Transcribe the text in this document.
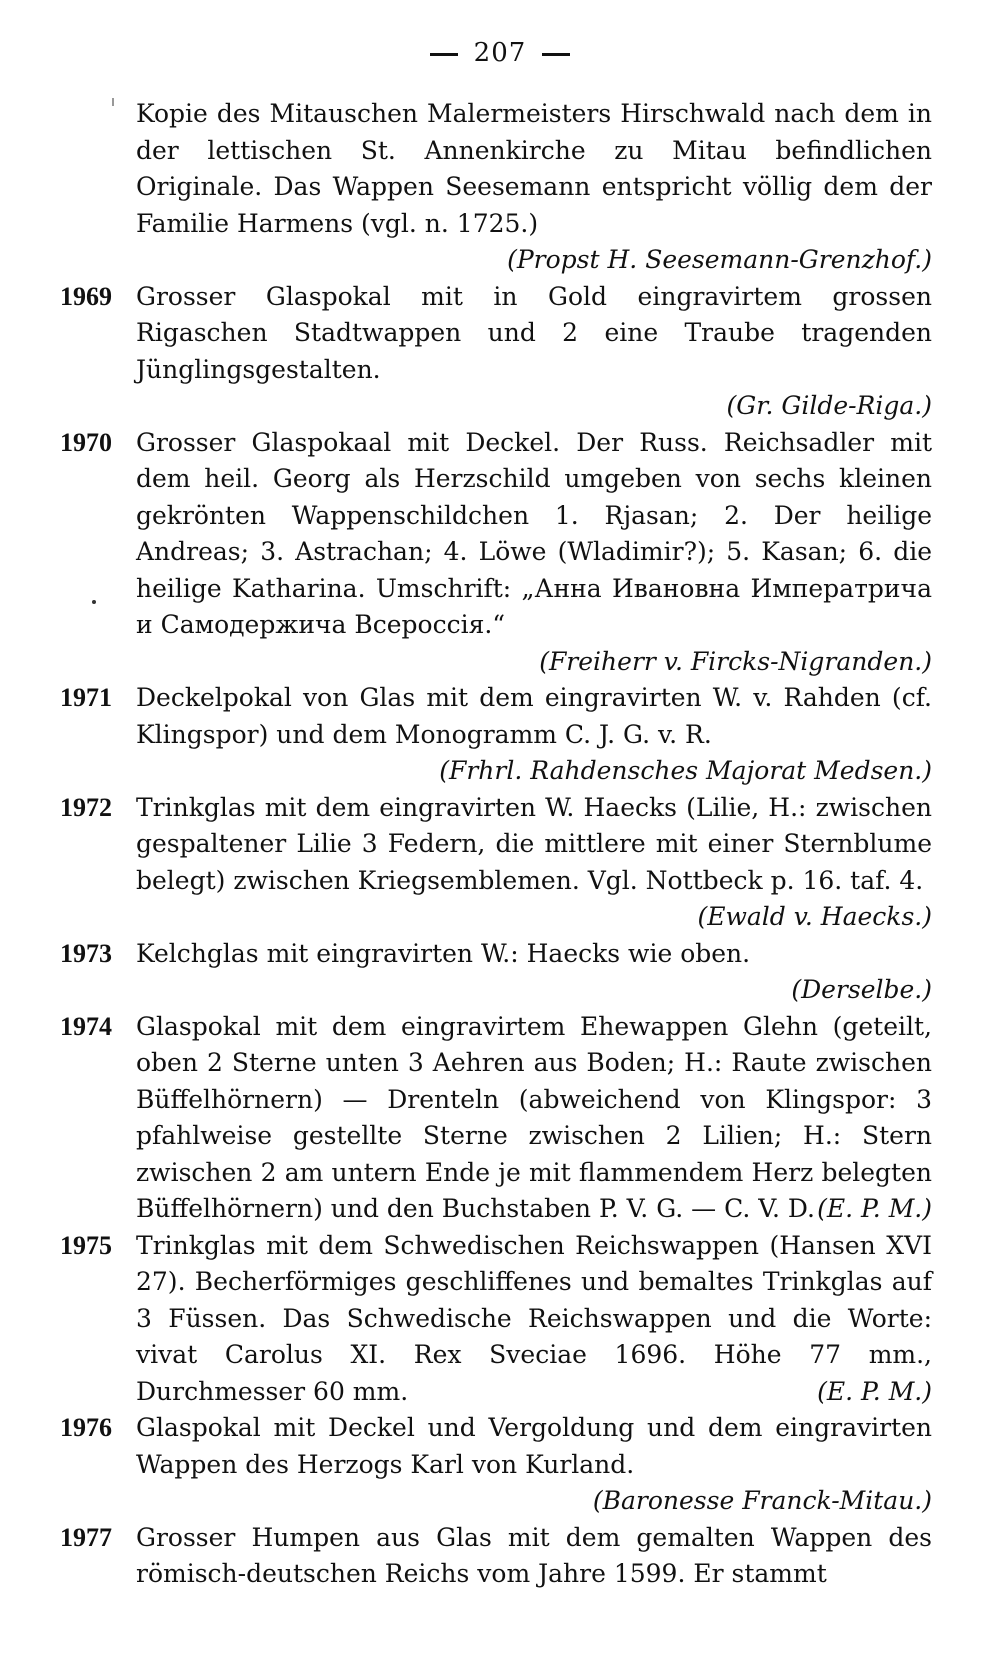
207
Kopie des Mitauschen Malermeisters Hirschwald nach dem in der lettischen St. Annenkirche zu Mitau befindlichen Originale. Das Wappen Seesemann entspricht völlig dem der Familie Harmens (vgl. n. 1725.)
(Propst H. Seesemann-Grenzhof.)
1969 Grosser Glaspokal mit in Gold eingravirtem grossen Rigaschen Stadtwappen und 2 eine Traube tragenden Jünglingsgestalten.
(Gr. Gilde-Riga.)
1970 Grosser Glaspokaal mit Deckel. Der Russ. Reichsadler mit dem heil. Georg als Herzschild umgeben von sechs kleinen gekrönten Wappenschildchen 1. Rjasan; 2. Der heilige Andreas; 3. Astrachan; 4. Löwe (Wladimir?); 5. Kasan; 6. die heilige Katharina. Umschrift: „Анна Ивановна Императрича и Самодержича Всероссія.“
(Freiherr v. Fircks-Nigranden.)
1971 Deckelpokal von Glas mit dem eingravirten W. v. Rahden (cf. Klingspor) und dem Monogramm C. J. G. v. R.
(Frhrl. Rahdensches Majorat Medsen.)
1972 Trinkglas mit dem eingravirten W. Haecks (Lilie, H.: zwischen gespaltener Lilie 3 Federn, die mittlere mit einer Sternblume belegt) zwischen Kriegsemblemen. Vgl. Nottbeck p. 16. taf. 4.
(Ewald v. Haecks.)
1973 Kelchglas mit eingravirten W.: Haecks wie oben.
(Derselbe.)
1974 Glaspokal mit dem eingravirtem Ehewappen Glehn (geteilt, oben 2 Sterne unten 3 Aehren aus Boden; H.: Raute zwischen Büffelhörnern) — Drenteln (abweichend von Klingspor: 3 pfahlweise gestellte Sterne zwischen 2 Lilien; H.: Stern zwischen 2 am untern Ende je mit flammendem Herz belegten Büffelhörnern) und den Buchstaben P. V. G. — C. V. D. (E. P. M.)
1975 Trinkglas mit dem Schwedischen Reichswappen (Hansen XVI 27). Becherförmiges geschliffenes und bemaltes Trinkglas auf 3 Füssen. Das Schwedische Reichswappen und die Worte: vivat Carolus XI. Rex Sveciae 1696. Höhe 77 mm., Durchmesser 60 mm.	(E. P. M.)
1976 Glaspokal mit Deckel und Vergoldung und dem eingravirten Wappen des Herzogs Karl von Kurland.
(Baronesse Franck-Mitau.)
1977 Grosser Humpen aus Glas mit dem gemalten Wappen des römisch-deutschen Reichs vom Jahre 1599. Er stammt
